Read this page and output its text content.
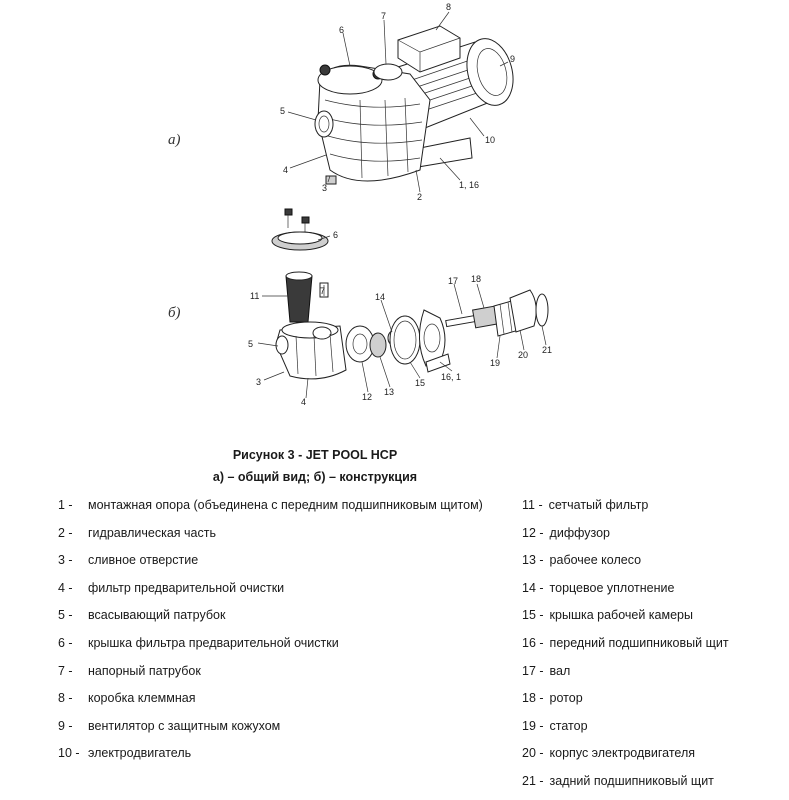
а)
б)
1, 16
2
3
4
5
6
7
8
9
10
6
11	7
5
3
4	12 13
14
15
16, 1
17 18
19
20 21
Рисунок 3 - JET POOL HCP
а) – общий вид; б) – конструкция
1 - монтажная опора (объединена с передним подшипниковым щитом)
2 - гидравлическая часть
3 - сливное отверстие
4 - фильтр предварительной очистки
5 - всасывающий патрубок
6 - крышка фильтра предварительной очистки
7 - напорный патрубок
8 - коробка клеммная
9 - вентилятор с защитным кожухом
10 - электродвигатель
11 - сетчатый фильтр
12 - диффузор
13 - рабочее колесо
14 - торцевое уплотнение
15 - крышка рабочей камеры
16 - передний подшипниковый щит
17 - вал
18 - ротор
19 - статор
20 - корпус электродвигателя
21 - задний подшипниковый щит
